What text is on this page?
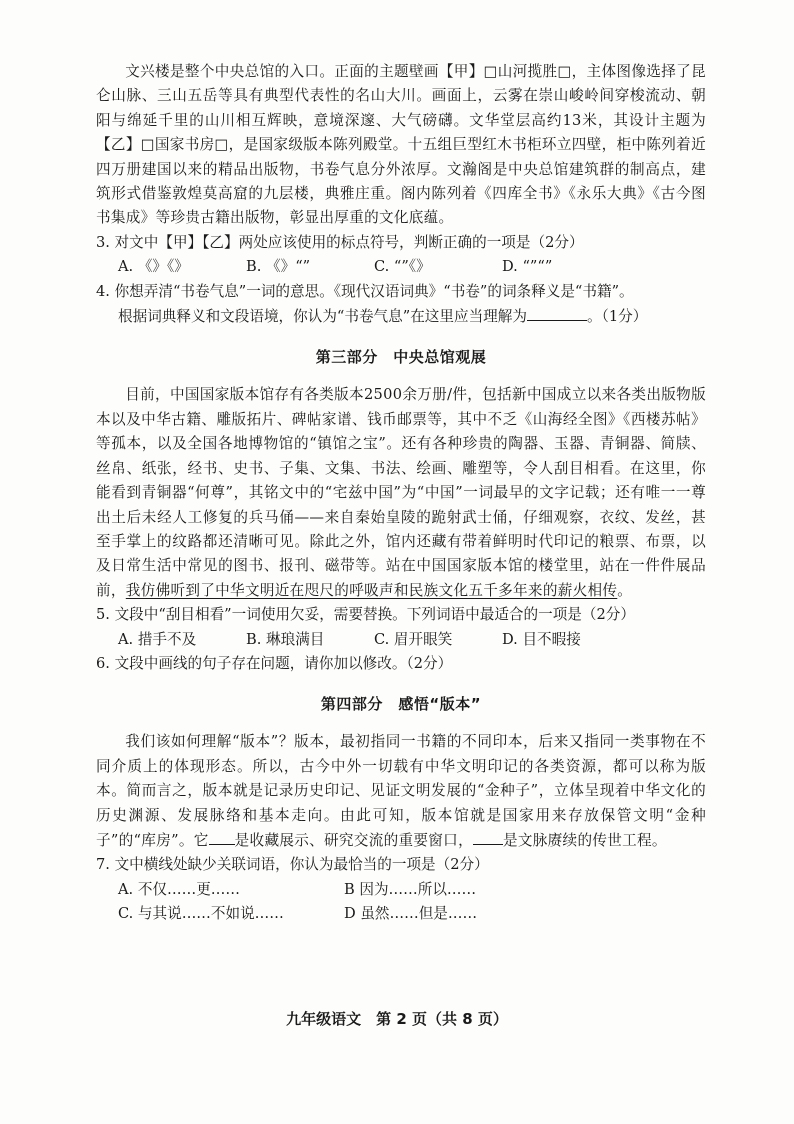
文兴楼是整个中央总馆的入口。正面的主题壁画【甲】□山河揽胜□，主体图像选择了昆仑山脉、三山五岳等具有典型代表性的名山大川。画面上，云雾在崇山峻岭间穿梭流动、朝阳与绵延千里的山川相互辉映，意境深邃、大气磅礴。文华堂层高约13米，其设计主题为【乙】□国家书房□，是国家级版本陈列殿堂。十五组巨型红木书柜环立四壁，柜中陈列着近四万册建国以来的精品出版物，书卷气息分外浓厚。文瀚阁是中央总馆建筑群的制高点，建筑形式借鉴敦煌莫高窟的九层楼，典雅庄重。阁内陈列着《四库全书》《永乐大典》《古今图书集成》等珍贵古籍出版物，彰显出厚重的文化底蕴。

3. 对文中【甲】【乙】两处应该使用的标点符号，判断正确的一项是（2分）

A. 《》《》	B. 《》“”	C. “”《》	D. “”“”

4. 你想弄清“书卷气息”一词的意思。《现代汉语词典》“书卷”的词条释义是“书籍”。

根据词典释义和文段语境，你认为“书卷气息”在这里应当理解为	。（1分）

第三部分　中央总馆观展

目前，中国国家版本馆存有各类版本2500余万册/件，包括新中国成立以来各类出版物版本以及中华古籍、雕版拓片、碑帖家谱、钱币邮票等，其中不乏《山海经全图》《西楼苏帖》等孤本，以及全国各地博物馆的“镇馆之宝”。还有各种珍贵的陶器、玉器、青铜器、简牍、丝帛、纸张，经书、史书、子集、文集、书法、绘画、雕塑等，令人刮目相看。在这里，你能看到青铜器“何尊”，其铭文中的“宅兹中国”为“中国”一词最早的文字记载；还有唯一一尊出土后未经人工修复的兵马俑——来自秦始皇陵的跪射武士俑，仔细观察，衣纹、发丝，甚至手掌上的纹路都还清晰可见。除此之外，馆内还藏有带着鲜明时代印记的粮票、布票，以及日常生活中常见的图书、报刊、磁带等。站在中国国家版本馆的楼堂里，站在一件件展品前，我仿佛听到了中华文明近在咫尺的呼吸声和民族文化五千多年来的薪火相传。

5. 文段中“刮目相看”一词使用欠妥，需要替换。下列词语中最适合的一项是（2分）

A. 措手不及	B. 琳琅满目	C. 眉开眼笑	D. 目不暇接

6. 文段中画线的句子存在问题，请你加以修改。（2分）

第四部分　感悟“版本”

我们该如何理解“版本”？版本，最初指同一书籍的不同印本，后来又指同一类事物在不同介质上的体现形态。所以，古今中外一切载有中华文明印记的各类资源，都可以称为版本。简而言之，版本就是记录历史印记、见证文明发展的“金种子”，立体呈现着中华文化的历史渊源、发展脉络和基本走向。由此可知，版本馆就是国家用来存放保管文明“金种子”的“库房”。它 是收藏展示、研究交流的重要窗口， 是文脉赓续的传世工程。

7. 文中横线处缺少关联词语，你认为最恰当的一项是（2分）

A. 不仅……更……	B 因为……所以……
C. 与其说……不如说……	D 虽然……但是……
九年级语文　第 2 页（共 8 页）
